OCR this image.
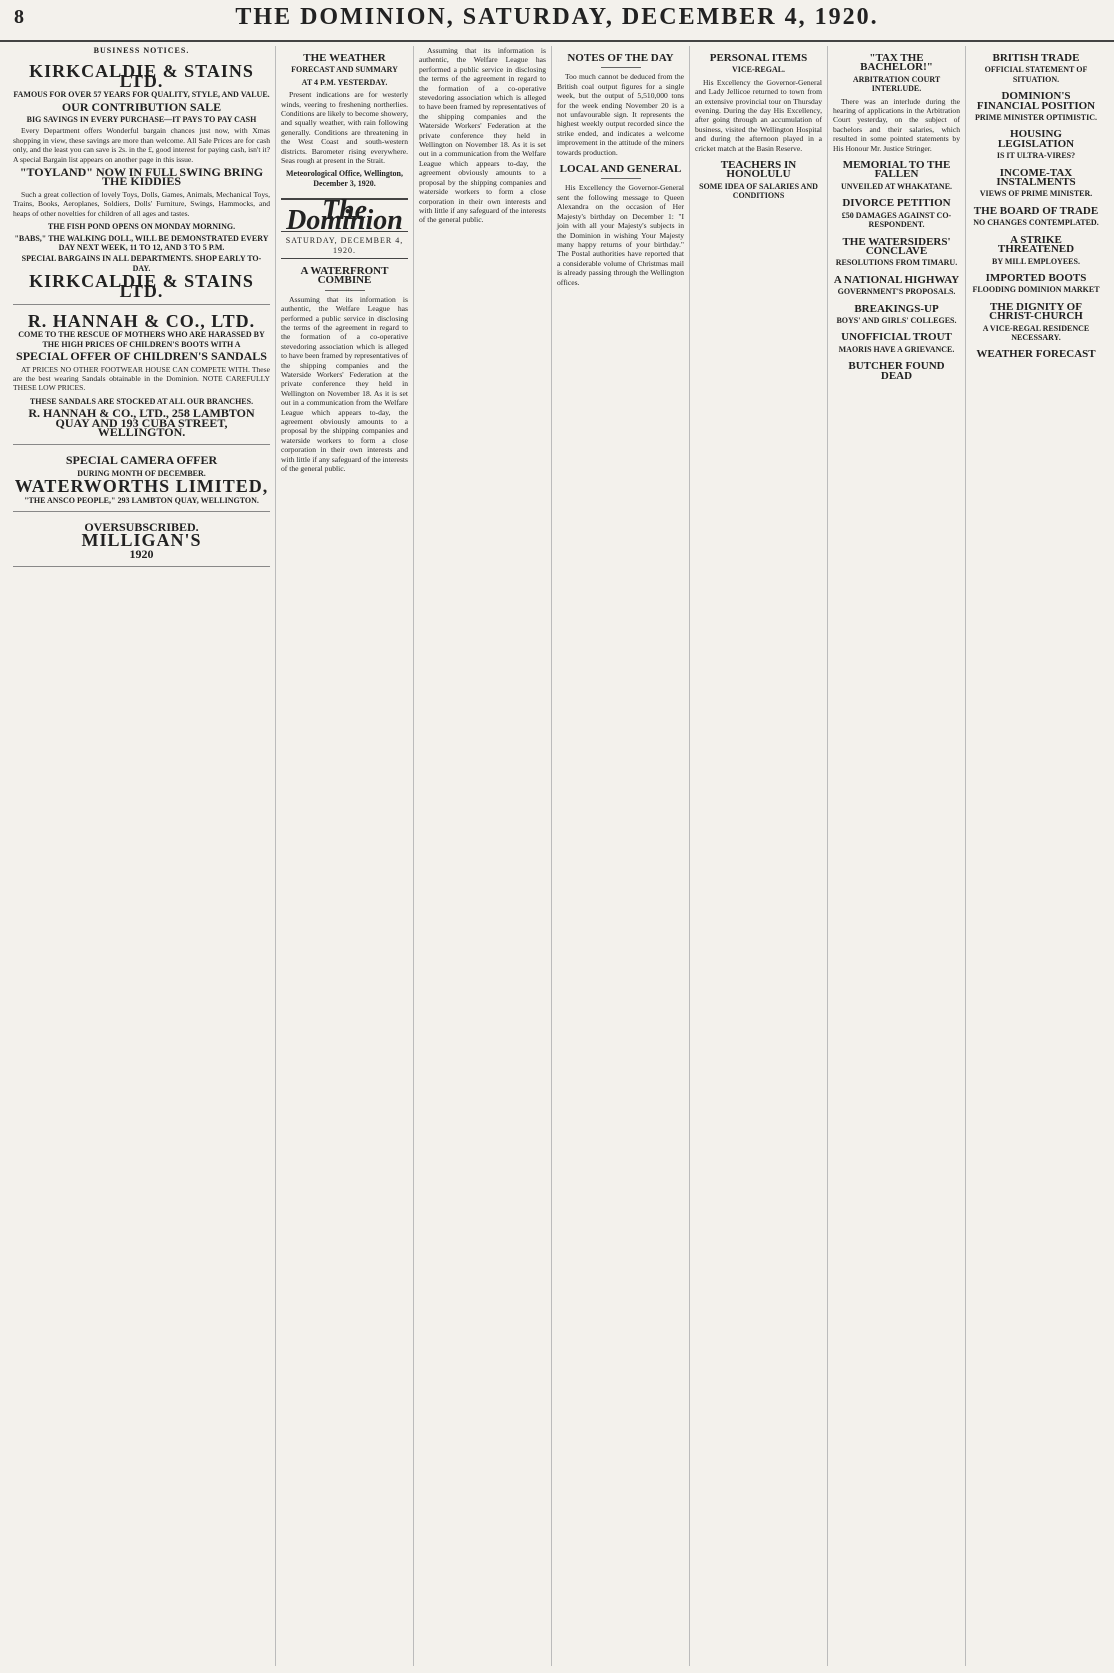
8	THE DOMINION, SATURDAY, DECEMBER 4, 1920.
BUSINESS NOTICES.
KIRKCALDIE & STAINS LTD.
FAMOUS FOR OVER 57 YEARS FOR QUALITY, STYLE, AND VALUE.
OUR CONTRIBUTION SALE
BIG SAVINGS IN EVERY PURCHASE—IT PAYS TO PAY CASH

Every Department offers Wonderful bargain chances just now, with Xmas shopping in view, these savings are more than welcome. All Sale Prices are for cash only, and the least you can save is 2s. in the £, good interest for paying cash, isn't it? A special Bargain list appears on another page in this issue.

"TOYLAND" NOW IN FULL SWING BRING THE KIDDIES

Such a great collection of lovely Toys, Dolls, Games, Animals, Mechanical Toys, Trains, Books, Aeroplanes, Soldiers, Dolls' Furniture, Swings, Hammocks, and heaps of other novelties for children of all ages and tastes.

THE FISH POND OPENS ON MONDAY MORNING.
"BABS," THE WALKING DOLL, WILL BE DEMONSTRATED EVERY DAY NEXT WEEK, 11 TO 12, AND 3 TO 5 P.M.
SPECIAL BARGAINS IN ALL DEPARTMENTS. SHOP EARLY TO-DAY.
KIRKCALDIE & STAINS LTD.
R. HANNAH & CO., LTD.
COME TO THE RESCUE OF MOTHERS WHO ARE HARASSED BY THE HIGH PRICES OF CHILDREN'S BOOTS WITH A
SPECIAL OFFER OF CHILDREN'S SANDALS

AT PRICES NO OTHER FOOTWEAR HOUSE CAN COMPETE WITH. These are the best wearing Sandals obtainable in the Dominion. NOTE CAREFULLY THESE LOW PRICES.

THESE SANDALS ARE STOCKED AT ALL OUR BRANCHES.
R. HANNAH & CO., LTD., 258 LAMBTON QUAY AND 193 CUBA STREET, WELLINGTON.
SPECIAL CAMERA OFFER
DURING MONTH OF DECEMBER.
WATERWORTHS LIMITED,
"THE ANSCO PEOPLE," 293 LAMBTON QUAY, WELLINGTON.
OVERSUBSCRIBED.
MILLIGAN'S
1920
THE WEATHER
FORECAST AND SUMMARY
AT 4 P.M. YESTERDAY.

Present indications are for westerly winds, veering to freshening northerlies. Conditions are likely to become showery, and squally weather, with rain following generally. Conditions are threatening in the West Coast and south-western districts. Barometer rising everywhere. Seas rough at present in the Strait.

Meteorological Office, Wellington, December 3, 1920.
The Dominion
SATURDAY, DECEMBER 4, 1920.
A WATERFRONT COMBINE

Assuming that its information is authentic, the Welfare League has performed a public service in disclosing the terms of the agreement in regard to the formation of a co-operative stevedoring association which is alleged to have been framed by representatives of the shipping companies and the Waterside Workers' Federation at the private conference they held in Wellington on November 18. As it is set out in a communication from the Welfare League which appears to-day, the agreement obviously amounts to a proposal by the shipping companies and waterside workers to form a close corporation in their own interests and with little if any safeguard of the interests of the general public.

Assuming that its information is authentic, the Welfare League has performed a public service in disclosing the terms of the agreement in regard to the formation of a co-operative stevedoring association which is alleged to have been framed by representatives of the shipping companies and the Waterside Workers' Federation at the private conference they held in Wellington on November 18. As it is set out in a communication from the Welfare League which appears to-day, the agreement obviously amounts to a proposal by the shipping companies and waterside workers to form a close corporation in their own interests and with little if any safeguard of the interests of the general public.

NOTES OF THE DAY

Too much cannot be deduced from the British coal output figures for a single week, but the output of 5,510,000 tons for the week ending November 20 is a not unfavourable sign. It represents the highest weekly output recorded since the strike ended, and indicates a welcome improvement in the attitude of the miners towards production.

LOCAL AND GENERAL

His Excellency the Governor-General sent the following message to Queen Alexandra on the occasion of Her Majesty's birthday on December 1: "I join with all your Majesty's subjects in the Dominion in wishing Your Majesty many happy returns of your birthday." The Postal authorities have reported that a considerable volume of Christmas mail is already passing through the Wellington offices.

PERSONAL ITEMS
VICE-REGAL.

His Excellency the Governor-General and Lady Jellicoe returned to town from an extensive provincial tour on Thursday evening. During the day His Excellency, after going through an accumulation of business, visited the Wellington Hospital and during the afternoon played in a cricket match at the Basin Reserve.

TEACHERS IN HONOLULU
SOME IDEA OF SALARIES AND CONDITIONS
"TAX THE BACHELOR!"
ARBITRATION COURT INTERLUDE.

There was an interlude during the hearing of applications in the Arbitration Court yesterday, on the subject of bachelors and their salaries, which resulted in some pointed statements by His Honour Mr. Justice Stringer.

MEMORIAL TO THE FALLEN
UNVEILED AT WHAKATANE.
DIVORCE PETITION
£50 DAMAGES AGAINST CO-RESPONDENT.
THE WATERSIDERS' CONCLAVE
RESOLUTIONS FROM TIMARU.
A NATIONAL HIGHWAY
GOVERNMENT'S PROPOSALS.
BREAKINGS-UP
BOYS' AND GIRLS' COLLEGES.
UNOFFICIAL TROUT
MAORIS HAVE A GRIEVANCE.
BUTCHER FOUND DEAD
BRITISH TRADE
OFFICIAL STATEMENT OF SITUATION.
DOMINION'S FINANCIAL POSITION
PRIME MINISTER OPTIMISTIC.
HOUSING LEGISLATION
IS IT ULTRA-VIRES?
INCOME-TAX INSTALMENTS
VIEWS OF PRIME MINISTER.
THE BOARD OF TRADE
NO CHANGES CONTEMPLATED.
A STRIKE THREATENED
BY MILL EMPLOYEES.
IMPORTED BOOTS
FLOODING DOMINION MARKET
THE DIGNITY OF CHRIST-CHURCH
A VICE-REGAL RESIDENCE NECESSARY.
WEATHER FORECAST
